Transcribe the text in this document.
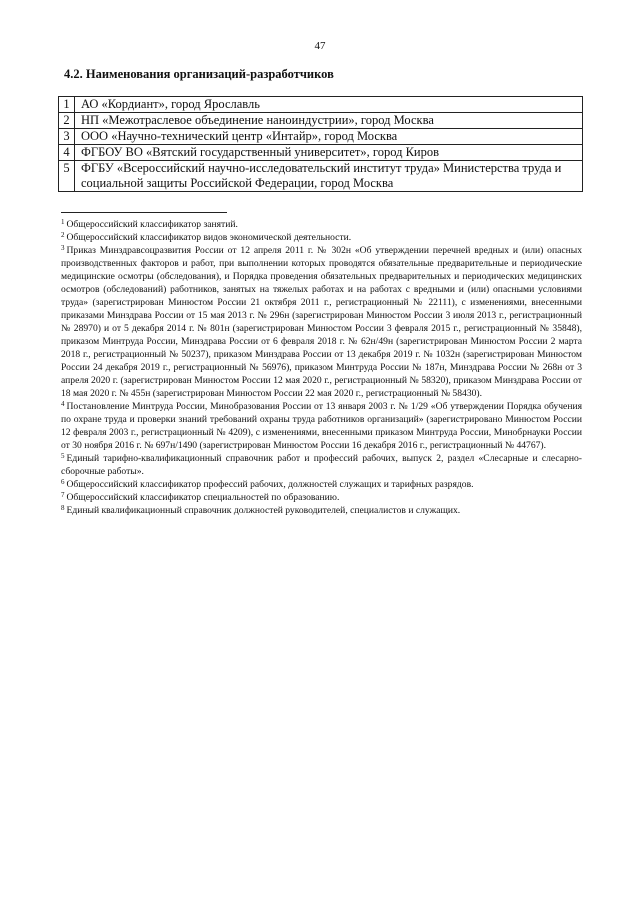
47
4.2. Наименования организаций-разработчиков
1	АО «Кордиант», город Ярославль
2	НП «Межотраслевое объединение наноиндустрии», город Москва
3	ООО «Научно-технический центр «Интайр», город Москва
4	ФГБОУ ВО «Вятский государственный университет», город Киров
5	ФГБУ «Всероссийский научно-исследовательский институт труда» Министерства труда и социальной защиты Российской Федерации, город Москва

$^1$ Общероссийский классификатор занятий.

$^2$ Общероссийский классификатор видов экономической деятельности.

$^3$ Приказ Минздравсоцразвития России от 12 апреля 2011 г. № 302н «Об утверждении перечней вредных и (или) опасных производственных факторов и работ, при выполнении которых проводятся обязательные предварительные и периодические медицинские осмотры (обследования), и Порядка проведения обязательных предварительных и периодических медицинских осмотров (обследований) работников, занятых на тяжелых работах и на работах с вредными и (или) опасными условиями труда» (зарегистрирован Минюстом России 21 октября 2011 г., регистрационный № 22111), с изменениями, внесенными приказами Минздрава России от 15 мая 2013 г. № 296н (зарегистрирован Минюстом России 3 июля 2013 г., регистрационный № 28970) и от 5 декабря 2014 г. № 801н (зарегистрирован Минюстом России 3 февраля 2015 г., регистрационный № 35848), приказом Минтруда России, Минздрава России от 6 февраля 2018 г. № 62н/49н (зарегистрирован Минюстом России 2 марта 2018 г., регистрационный № 50237), приказом Минздрава России от 13 декабря 2019 г. № 1032н (зарегистрирован Минюстом России 24 декабря 2019 г., регистрационный № 56976), приказом Минтруда России № 187н, Минздрава России № 268н от 3 апреля 2020 г. (зарегистрирован Минюстом России 12 мая 2020 г., регистрационный № 58320), приказом Минздрава России от 18 мая 2020 г. № 455н (зарегистрирован Минюстом России 22 мая 2020 г., регистрационный № 58430).

$^4$ Постановление Минтруда России, Минобразования России от 13 января 2003 г. № 1/29 «Об утверждении Порядка обучения по охране труда и проверки знаний требований охраны труда работников организаций» (зарегистрировано Минюстом России 12 февраля 2003 г., регистрационный № 4209), с изменениями, внесенными приказом Минтруда России, Минобрнауки России от 30 ноября 2016 г. № 697н/1490 (зарегистрирован Минюстом России 16 декабря 2016 г., регистрационный № 44767).

$^5$ Единый тарифно-квалификационный справочник работ и профессий рабочих, выпуск 2, раздел «Слесарные и слесарно-сборочные работы».

$^6$ Общероссийский классификатор профессий рабочих, должностей служащих и тарифных разрядов.

$^7$ Общероссийский классификатор специальностей по образованию.

$^8$ Единый квалификационный справочник должностей руководителей, специалистов и служащих.
